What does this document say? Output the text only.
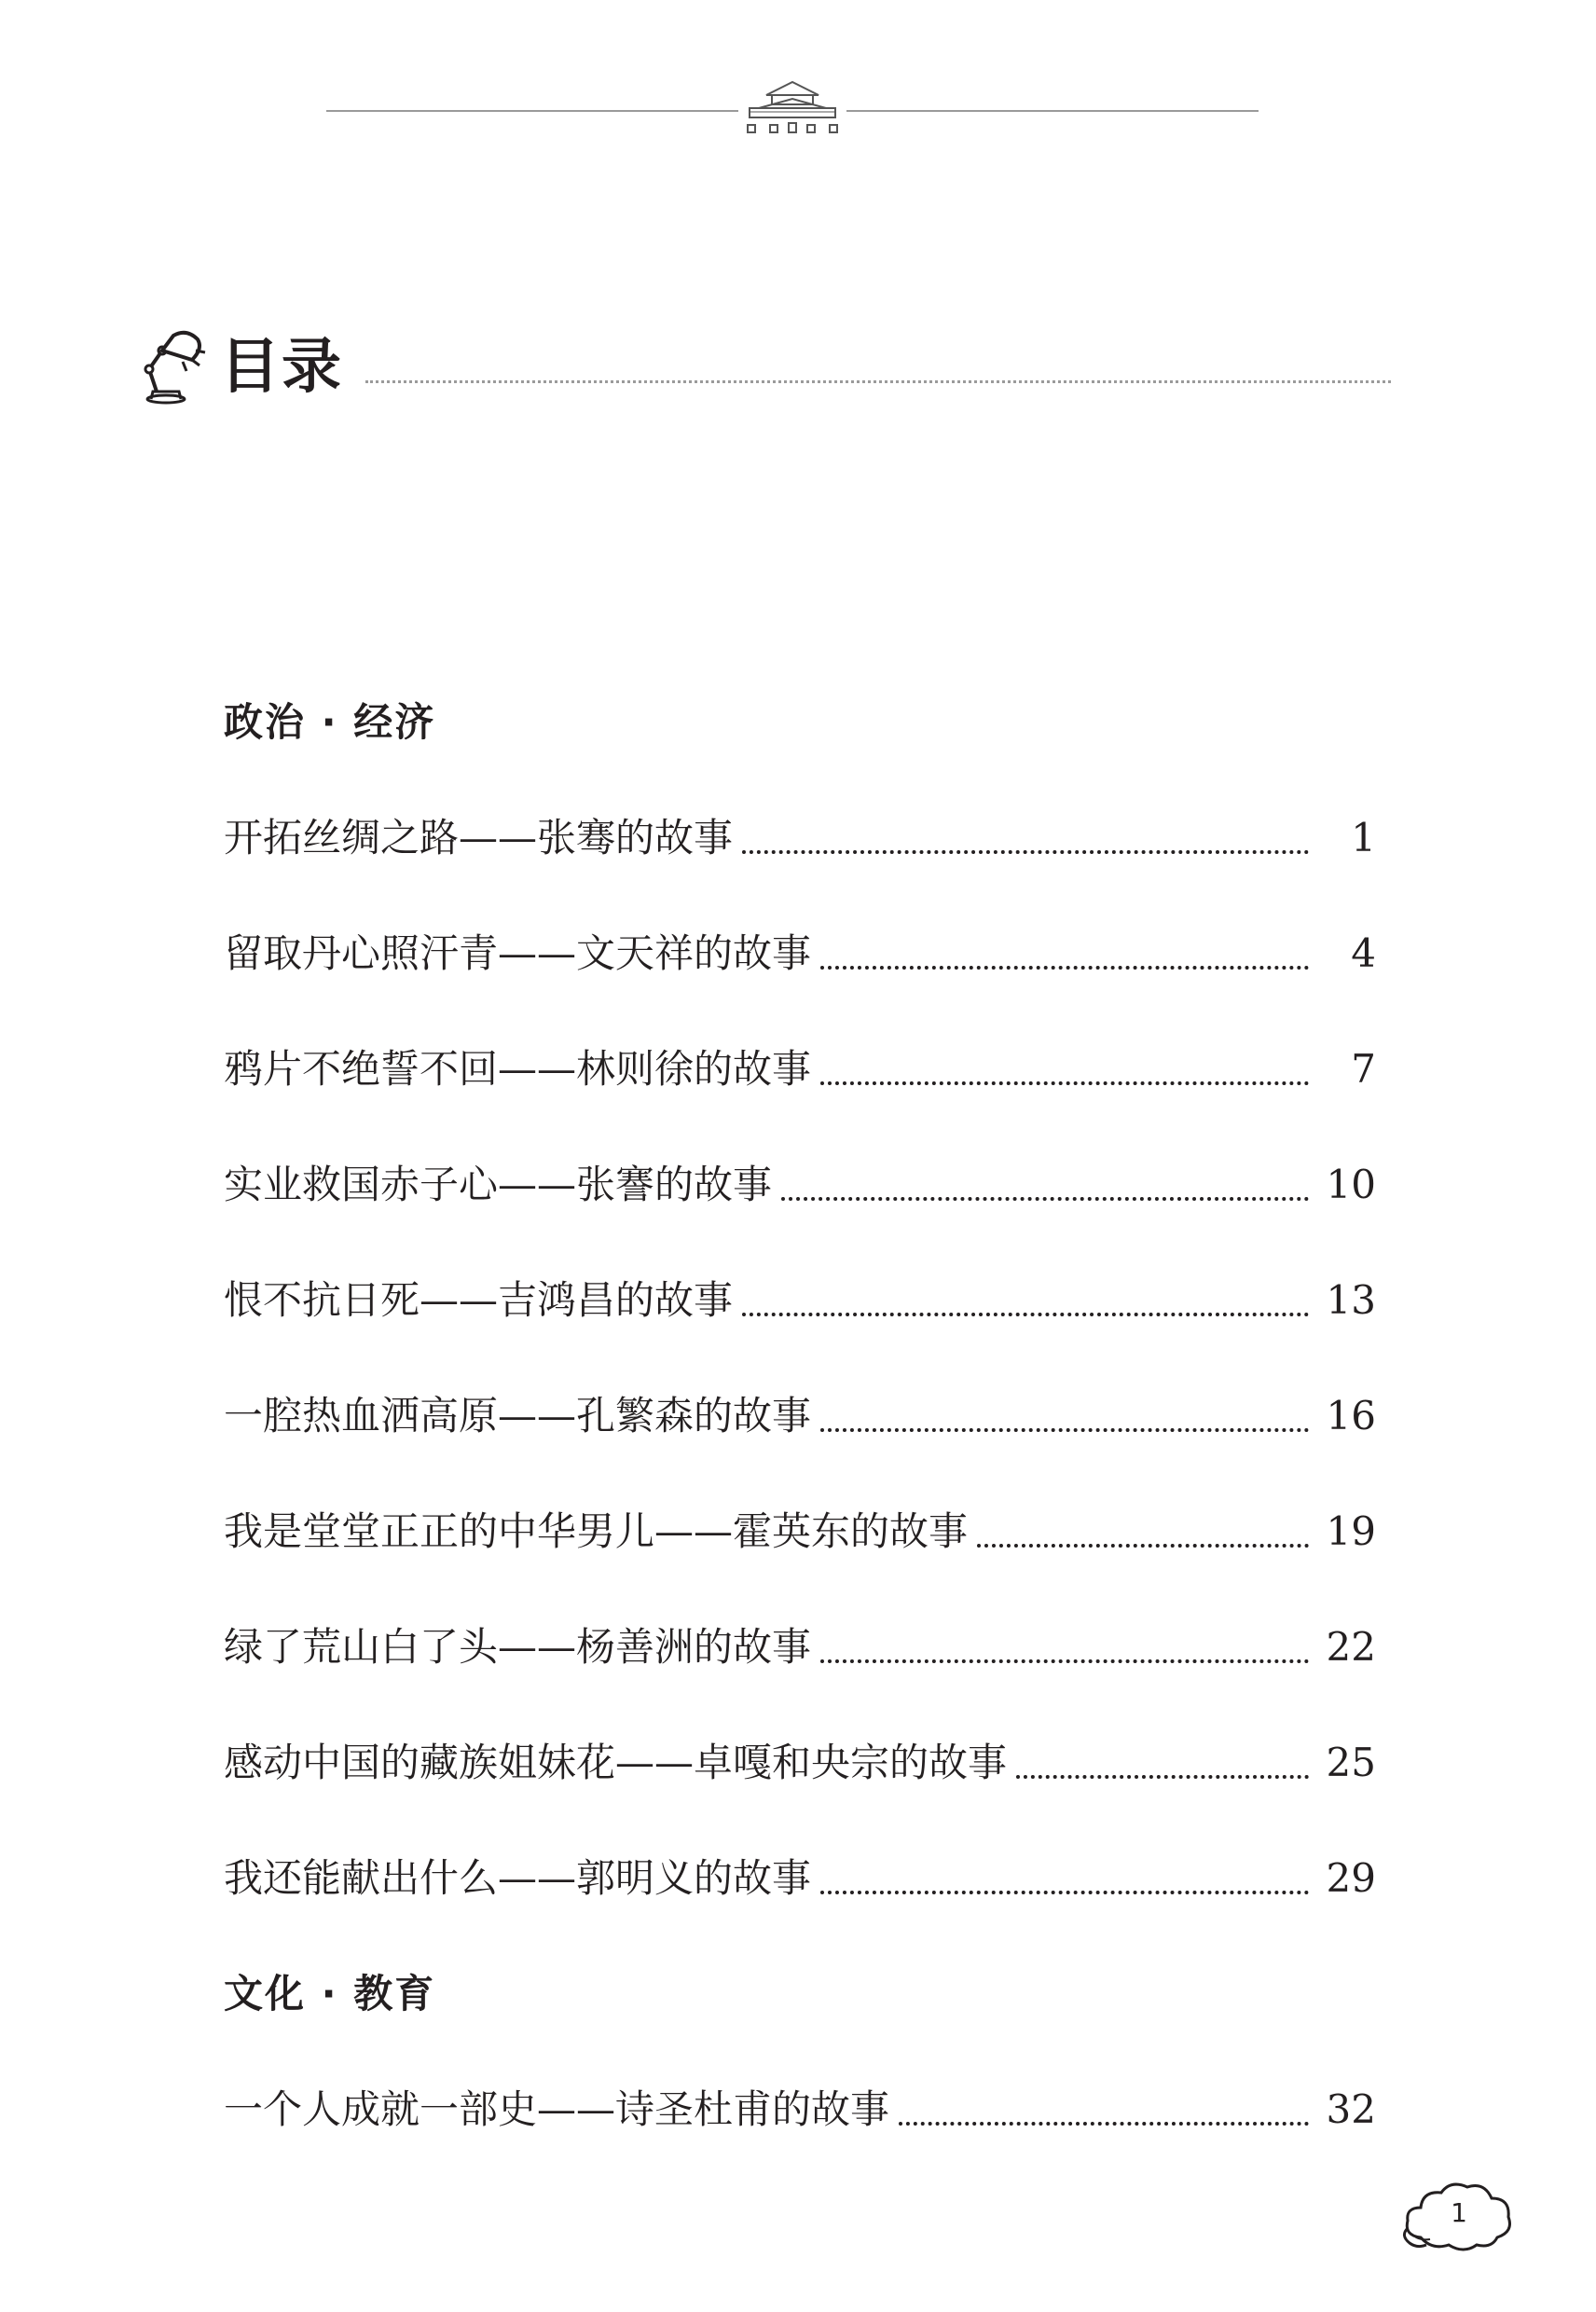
目录
政治 · 经济
开拓丝绸之路——张骞的故事	1
留取丹心照汗青——文天祥的故事	4
鸦片不绝誓不回——林则徐的故事	7
实业救国赤子心——张謇的故事	10
恨不抗日死——吉鸿昌的故事	13
一腔热血洒高原——孔繁森的故事	16
我是堂堂正正的中华男儿——霍英东的故事	19
绿了荒山白了头——杨善洲的故事	22
感动中国的藏族姐妹花——卓嘎和央宗的故事	25
我还能献出什么——郭明义的故事	29
文化 · 教育
一个人成就一部史——诗圣杜甫的故事	32
1
